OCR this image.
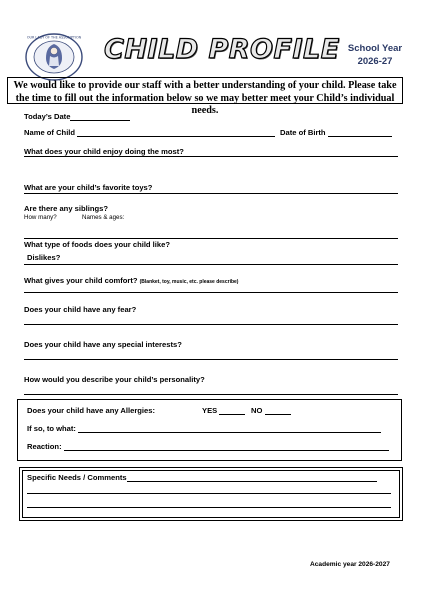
OUR LADY OF THE ASSUMPTION CHILD PROFILE School Year
2026-27
We would like to provide our staff with a better understanding of your child. Please take the time to fill out the information below so we may better meet your Child’s individual needs.
Today’s Date
Name of Child	Date of Birth
What does your child enjoy doing the most?
What are your child’s favorite toys?
Are there any siblings?
How many?	Names & ages:
What type of foods does your child like?
Dislikes?
What gives your child comfort? (Blanket, toy, music, etc. please describe)
Does your child have any fear?
Does your child have any special interests?
How would you describe your child’s personality?
Does your child have any Allergies:	YES	NO
If so, to what:
Reaction:
Specific Needs / Comments
Academic year 2026-2027
